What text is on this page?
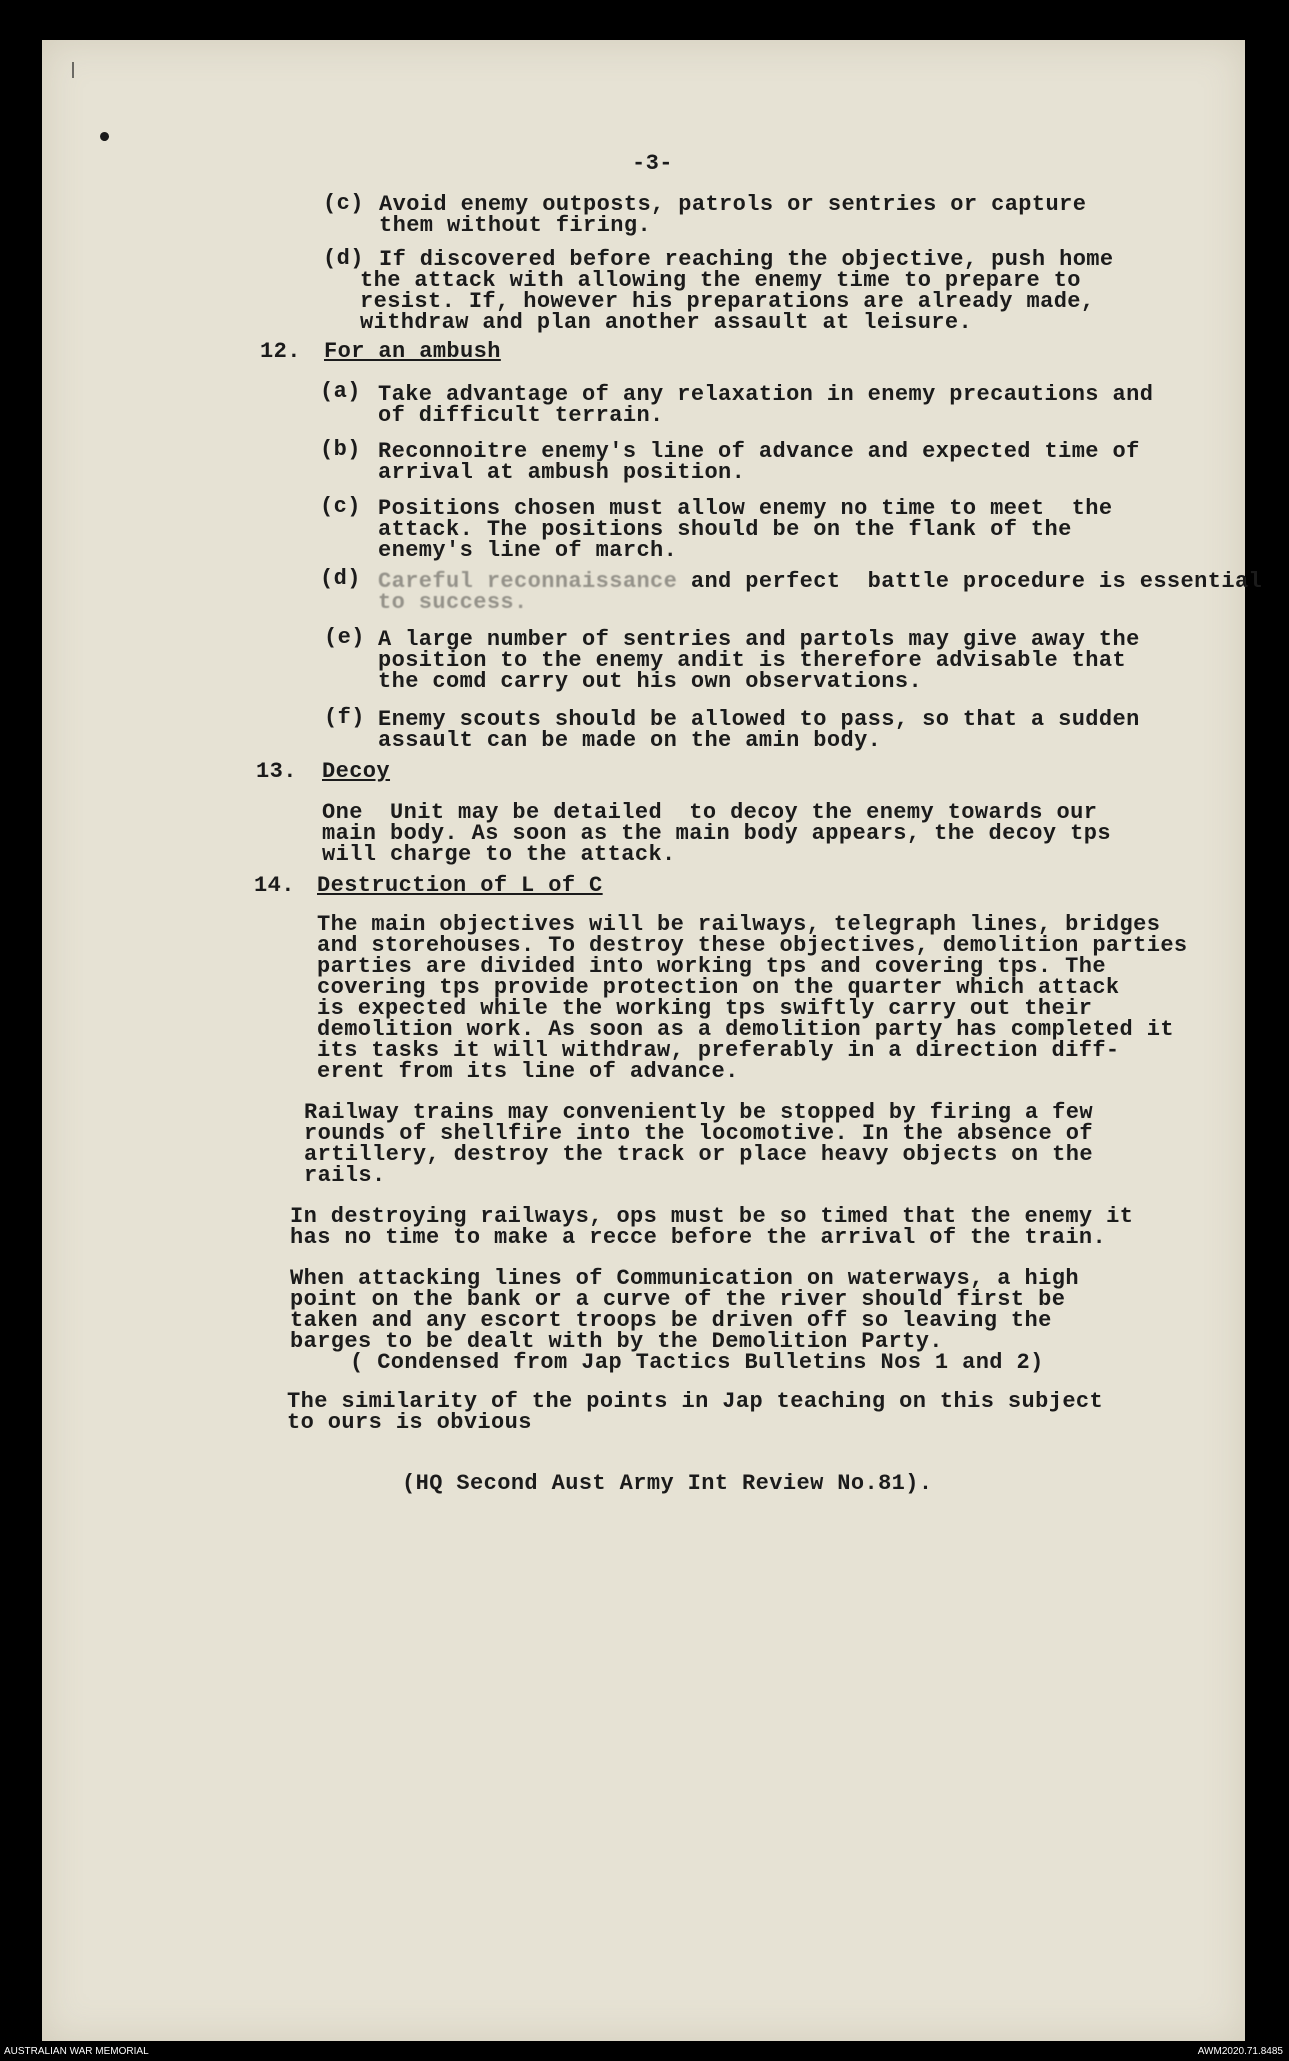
-3-
(c) Avoid enemy outposts, patrols or sentries or capture
them without firing.
(d) If discovered before reaching the objective, push home
the attack with allowing the enemy time to prepare to
resist. If, however his preparations are already made,
withdraw and plan another assault at leisure.
12. For an ambush
(a) Take advantage of any relaxation in enemy precautions and
of difficult terrain.
(b) Reconnoitre enemy's line of advance and expected time of
arrival at ambush position.
(c) Positions chosen must allow enemy no time to meet  the
attack. The positions should be on the flank of the
enemy's line of march.
(d) Careful reconnaissance and perfect  battle procedure is essential
to success.
(e) A large number of sentries and partols may give away the
position to the enemy andit is therefore advisable that
the comd carry out his own observations.
(f) Enemy scouts should be allowed to pass, so that a sudden
assault can be made on the amin body.
13. Decoy
One  Unit may be detailed  to decoy the enemy towards our
main body. As soon as the main body appears, the decoy tps
will charge to the attack.
14. Destruction of L of C
The main objectives will be railways, telegraph lines, bridges
and storehouses. To destroy these objectives, demolition parties
parties are divided into working tps and covering tps. The
covering tps provide protection on the quarter which attack
is expected while the working tps swiftly carry out their
demolition work. As soon as a demolition party has completed it
its tasks it will withdraw, preferably in a direction diff-
erent from its line of advance.
Railway trains may conveniently be stopped by firing a few
rounds of shellfire into the locomotive. In the absence of
artillery, destroy the track or place heavy objects on the
rails.
In destroying railways, ops must be so timed that the enemy it
has no time to make a recce before the arrival of the train.
When attacking lines of Communication on waterways, a high
point on the bank or a curve of the river should first be
taken and any escort troops be driven off so leaving the
barges to be dealt with by the Demolition Party.
( Condensed from Jap Tactics Bulletins Nos 1 and 2)
The similarity of the points in Jap teaching on this subject
to ours is obvious
(HQ Second Aust Army Int Review No.81).
AUSTRALIAN WAR MEMORIAL	AWM2020.71.8485
